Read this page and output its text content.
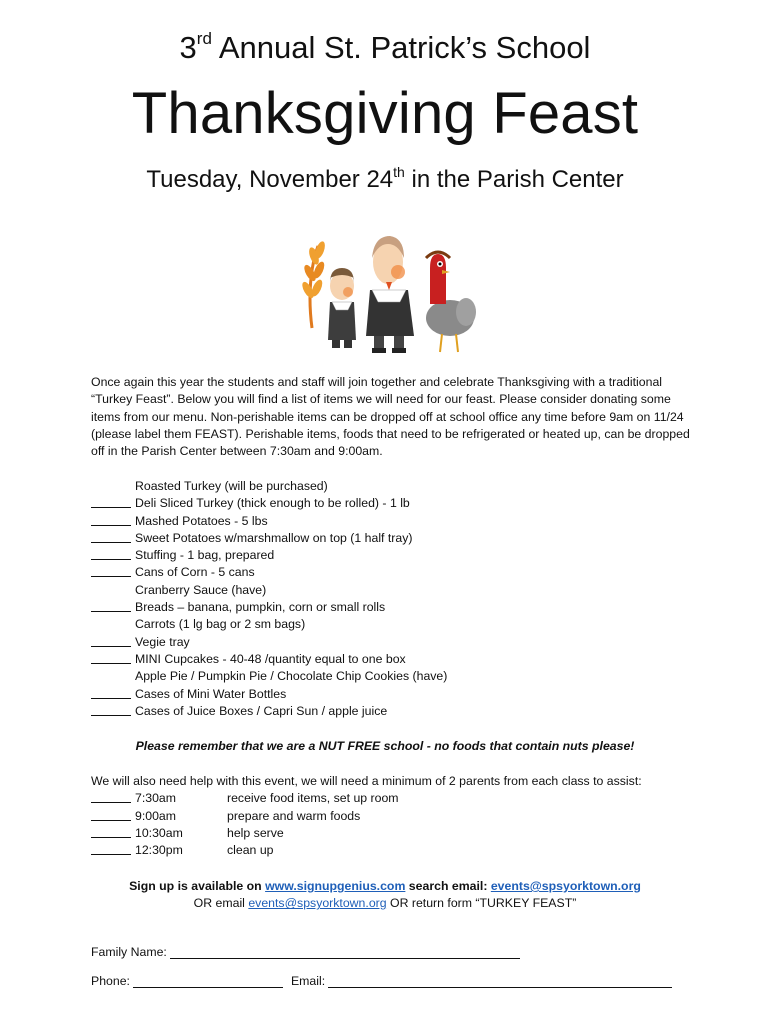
3rd Annual St. Patrick’s School
Thanksgiving Feast
Tuesday, November 24th in the Parish Center
Once again this year the students and staff will join together and celebrate Thanksgiving with a traditional “Turkey Feast”. Below you will find a list of items we will need for our feast. Please consider donating some items from our menu. Non-perishable items can be dropped off at school office any time before 9am on 11/24 (please label them FEAST). Perishable items, foods that need to be refrigerated or heated up, can be dropped off in the Parish Center between 7:30am and 9:00am.
Roasted Turkey (will be purchased)
Deli Sliced Turkey (thick enough to be rolled) - 1 lb
Mashed Potatoes - 5 lbs
Sweet Potatoes w/marshmallow on top (1 half tray)
Stuffing - 1 bag, prepared
Cans of Corn - 5 cans
Cranberry Sauce (have)
Breads – banana, pumpkin, corn or small rolls
Carrots (1 lg bag or 2 sm bags)
Vegie tray
MINI Cupcakes - 40-48 /quantity equal to one box
Apple Pie / Pumpkin Pie / Chocolate Chip Cookies (have)
Cases of Mini Water Bottles
Cases of Juice Boxes / Capri Sun / apple juice
Please remember that we are a NUT FREE school - no foods that contain nuts please!
We will also need help with this event, we will need a minimum of 2 parents from each class to assist:
7:30am	receive food items, set up room
9:00am	prepare and warm foods
10:30am	help serve
12:30pm	clean up
Sign up is available on www.signupgenius.com search email: events@spsyorktown.org
OR email events@spsyorktown.org OR return form “TURKEY FEAST”
Family Name:
Phone:	Email:
